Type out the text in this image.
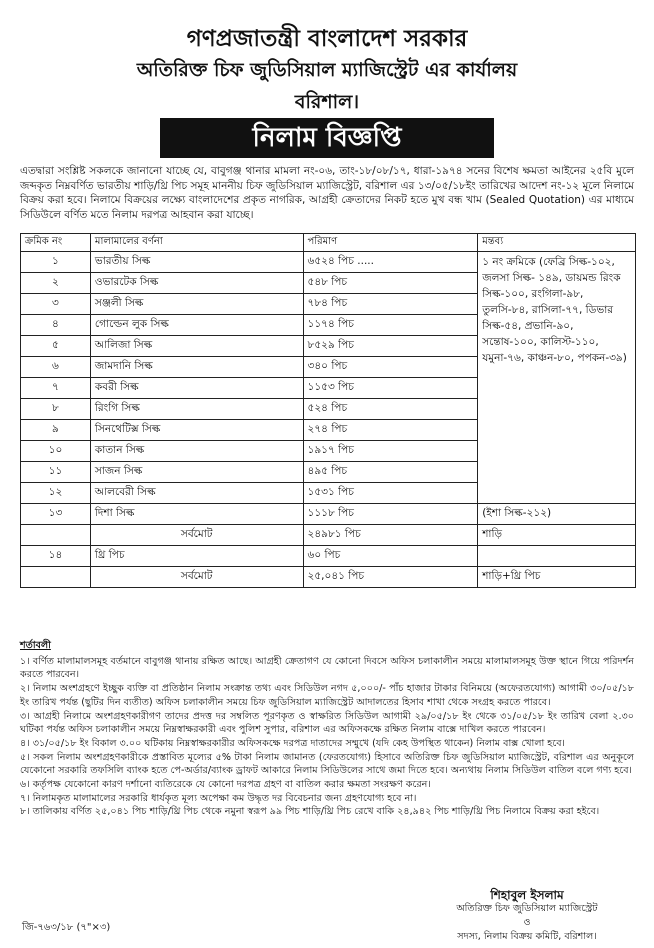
গণপ্রজাতন্ত্রী বাংলাদেশ সরকার
অতিরিক্ত চিফ জুডিসিয়াল ম্যাজিস্ট্রেট এর কার্যালয়
বরিশাল।
নিলাম বিজ্ঞপ্তি

এতদ্বারা সংশ্লিষ্ট সকলকে জানানো যাচ্ছে যে, বাবুগঞ্জ থানার মামলা নং-০৬, তাং-১৮/০৮/১৭, ধারা-১৯৭৪ সনের বিশেষ ক্ষমতা আইনের ২৫বি মুলে জব্দকৃত নিম্নবর্ণিত ভারতীয় শাড়ি/থ্রি পিচ সমূহ মাননীয় চিফ জুডিসিয়াল ম্যাজিস্ট্রেট, বরিশাল এর ১৩/০৫/১৮ইং তারিখের আদেশ নং-১২ মূলে নিলামে বিক্রয় করা হবে। নিলামে বিক্রয়ের লক্ষ্যে বাংলাদেশের প্রকৃত নাগরিক, আগ্রহী ক্রেতাদের নিকট হতে মুখ বন্ধ খাম (Sealed Quotation) এর মাধ্যমে সিডিউলে বর্ণিত মতে নিলাম দরপত্র আহবান করা যাচ্ছে।

ক্রমিক নং	মালামালের বর্ণনা	পরিমাণ	মন্তব্য
১	ভারতীয় সিল্ক	৬৫২৪ পিচ .....	১ নং ক্রমিকে (ফেব্রি সিল্ক-১০২, জলসা সিল্ক- ১৪৯, ডায়মন্ড রিংক সিল্ক-১০০, রংগিলা-৯৮, তুলসি-৮৪, রাসিলা-৭৭, ডিভার সিল্ক-৫৪, প্রভানি-৯০, সন্তোষ-১০০, কালিস্ট-১১০, যমুনা-৭৬, কাঞ্চন-৮০, পপকন-৩৯)
২	ওভারটেক সিল্ক	৫৪৮ পিচ	
৩	সঞ্জলী সিল্ক	৭৮৪ পিচ	
৪	গোল্ডেন লুক সিল্ক	১১৭৪ পিচ	
৫	আলিজা সিল্ক	৮৫২৯ পিচ	
৬	জামদানি সিল্ক	৩৪০ পিচ	
৭	কবরী সিল্ক	১১৫৩ পিচ	
৮	রিংগি সিল্ক	৫২৪ পিচ	
৯	সিনথেটিক্স সিল্ক	২৭৪ পিচ	
১০	কাতান সিল্ক	১৯১৭ পিচ	
১১	সাজন সিল্ক	৪৯৫ পিচ	
১২	আলবেরী সিল্ক	১৫৩১ পিচ	
১৩	দিশা সিল্ক	১১১৮ পিচ	(ইশা সিল্ক-২১২)
	সর্বমোট	২৪৯৮১ পিচ	শাড়ি
১৪	থ্রি পিচ	৬০ পিচ	
	সর্বমোট	২৫,০৪১ পিচ	শাড়ি+থ্রি পিচ
শর্তাবলী

১। বর্ণিত মালামালসমূহ বর্তমানে বাবুগঞ্জ থানায় রক্ষিত আছে। আগ্রহী ক্রেতাগণ যে কোনো দিবসে অফিস চলাকালীন সময়ে মালামালসমূহ উক্ত স্থানে গিয়ে পরিদর্শন করতে পারবেন।

২। নিলাম অংশগ্রহণে ইচ্ছুক ব্যক্তি বা প্রতিষ্ঠান নিলাম সংক্রান্ত তথ্য এবং সিডিউল নগদ ৫,০০০/- পাঁচ হাজার টাকার বিনিময়ে (অফেরতযোগ্য) আগামী ৩০/০৫/১৮ ইং তারিখ পর্যন্ত (ছুটির দিন ব্যতীত) অফিস চলাকালীন সময়ে চিফ জুডিসিয়াল ম্যাজিস্ট্রেট আদালতের হিসাব শাখা থেকে সংগ্রহ করতে পারবে।

৩। আগ্রহী নিলামে অংশগ্রহণকারীগণ তাদের প্রদত্ত দর সম্বলিত পূরণকৃত ও স্বাক্ষরিত সিডিউল আগামী ২৯/০৫/১৮ ইং থেকে ৩১/০৫/১৮ ইং তারিখ বেলা ২.৩০ ঘটিকা পর্যন্ত অফিস চলাকালীন সময়ে নিম্নস্বাক্ষরকারী এবং পুলিশ সুপার, বরিশাল এর অফিসকক্ষে রক্ষিত নিলাম বাক্সে দাখিল করতে পারবেন।

৪। ৩১/০৫/১৮ ইং বিকাল ৩.০০ ঘটিকায় নিম্নস্বাক্ষরকারীর অফিসকক্ষে দরপত্র দাতাদের সম্মুখে (যদি কেহ উপস্থিত থাকেন) নিলাম বাক্স খোলা হবে।

৫। সকল নিলাম অংশগ্রহণকারীকে প্রস্তাবিত মূল্যের ৫% টাকা নিলাম জামানত (ফেরতযোগ্য) হিসাবে অতিরিক্ত চিফ জুডিসিয়াল ম্যাজিস্ট্রেট, বরিশাল এর অনুকূলে যেকোনো সরকারি তফসিলি ব্যাংক হতে পে-অর্ডার/ব্যাংক ড্রাফট আকারে নিলাম সিডিউলের সাথে জমা দিতে হবে। অন্যথায় নিলাম সিডিউল বাতিল বলে গণ্য হবে।

৬। কর্তৃপক্ষ যেকোনো কারণ দর্শানো ব্যতিরেকে যে কোনো দরপত্র গ্রহণ বা বাতিল করার ক্ষমতা সংরক্ষণ করেন।

৭। নিলামকৃত মালামালের সরকারি ধার্যকৃত মূল্য অপেক্ষা কম উদ্ধৃত দর বিবেচনার জন্য গ্রহণযোগ্য হবে না।

৮। তালিকায় বর্ণিত ২৫,০৪১ পিচ শাড়ি/থ্রি পিচ থেকে নমুনা স্বরূপ ৯৯ পিচ শাড়ি/থ্রি পিচ রেখে বাকি ২৪,৯৪২ পিচ শাড়ি/থ্রি পিচ নিলামে বিক্রয় করা হইবে।

শিহাবুল ইসলাম
অতিরিক্ত চিফ জুডিসিয়াল ম্যাজিস্ট্রেট
ও
সদস্য, নিলাম বিক্রয় কমিটি, বরিশাল।
জি-৭৬৩/১৮ (৭"×৩)
